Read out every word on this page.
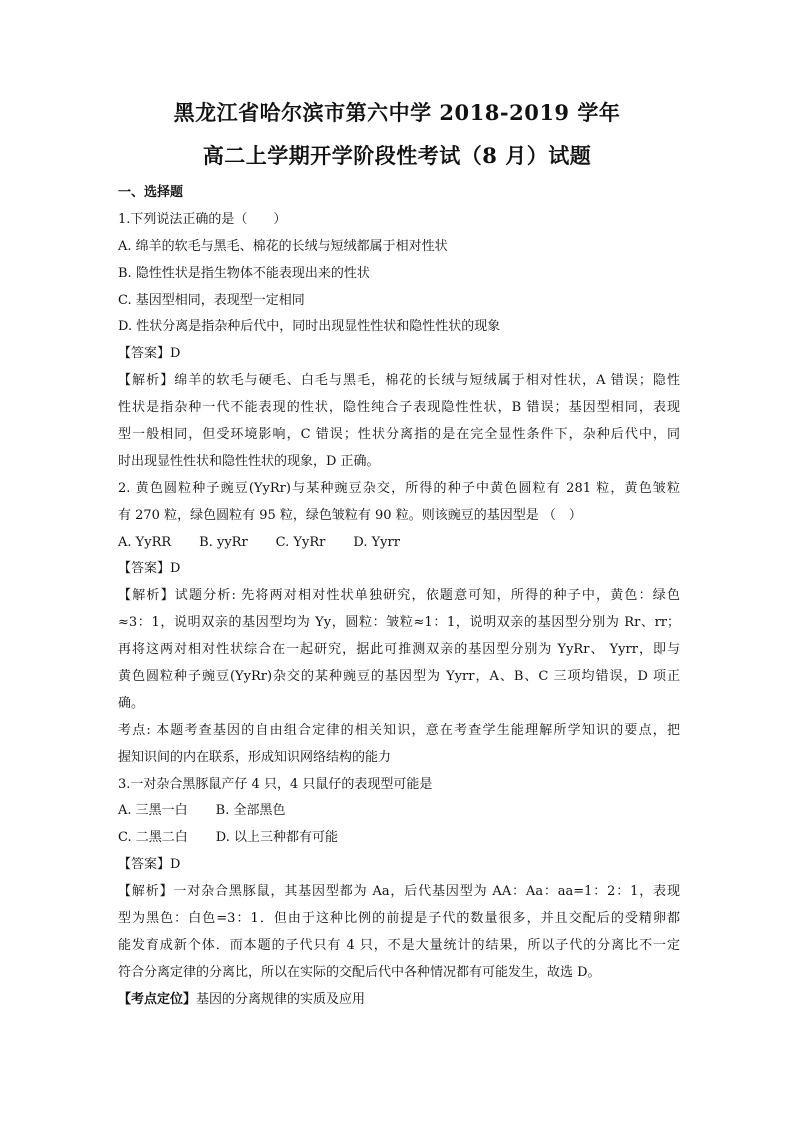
黑龙江省哈尔滨市第六中学 2018-2019 学年
高二上学期开学阶段性考试（8 月）试题
一、选择题
1.下列说法正确的是（　　）
A. 绵羊的软毛与黑毛、棉花的长绒与短绒都属于相对性状
B. 隐性性状是指生物体不能表现出来的性状
C. 基因型相同，表现型一定相同
D. 性状分离是指杂种后代中，同时出现显性性状和隐性性状的现象
【答案】D
【解析】绵羊的软毛与硬毛、白毛与黑毛，棉花的长绒与短绒属于相对性状，A 错误；隐性
性状是指杂种一代不能表现的性状，隐性纯合子表现隐性性状，B 错误；基因型相同，表现
型一般相同，但受环境影响，C 错误；性状分离指的是在完全显性条件下，杂种后代中，同
时出现显性性状和隐性性状的现象，D 正确。
2. 黄色圆粒种子豌豆(YyRr)与某种豌豆杂交，所得的种子中黄色圆粒有 281 粒，黄色皱粒
有 270 粒，绿色圆粒有 95 粒，绿色皱粒有 90 粒。则该豌豆的基因型是 （　）
A. YyRR B. yyRr C. YyRr D. Yyrr
【答案】D
【解析】试题分析: 先将两对相对性状单独研究，依题意可知，所得的种子中，黄色：绿色
≈3：1，说明双亲的基因型均为 Yy，圆粒：皱粒≈1：1，说明双亲的基因型分别为 Rr、rr；
再将这两对相对性状综合在一起研究，据此可推测双亲的基因型分别为 YyRr、 Yyrr，即与
黄色圆粒种子豌豆(YyRr)杂交的某种豌豆的基因型为 Yyrr，A、B、C 三项均错误，D 项正
确。
考点: 本题考查基因的自由组合定律的相关知识，意在考查学生能理解所学知识的要点，把
握知识间的内在联系，形成知识网络结构的能力
3.一对杂合黑豚鼠产仔 4 只，4 只鼠仔的表现型可能是
A. 三黑一白 B. 全部黑色
C. 二黑二白 D. 以上三种都有可能
【答案】D
【解析】一对杂合黑豚鼠，其基因型都为 Aa，后代基因型为 AA：Aa：aa=1：2：1，表现
型为黑色：白色=3：1．但由于这种比例的前提是子代的数量很多，并且交配后的受精卵都
能发育成新个体．而本题的子代只有 4 只，不是大量统计的结果，所以子代的分离比不一定
符合分离定律的分离比，所以在实际的交配后代中各种情况都有可能发生，故选 D。
【考点定位】基因的分离规律的实质及应用
